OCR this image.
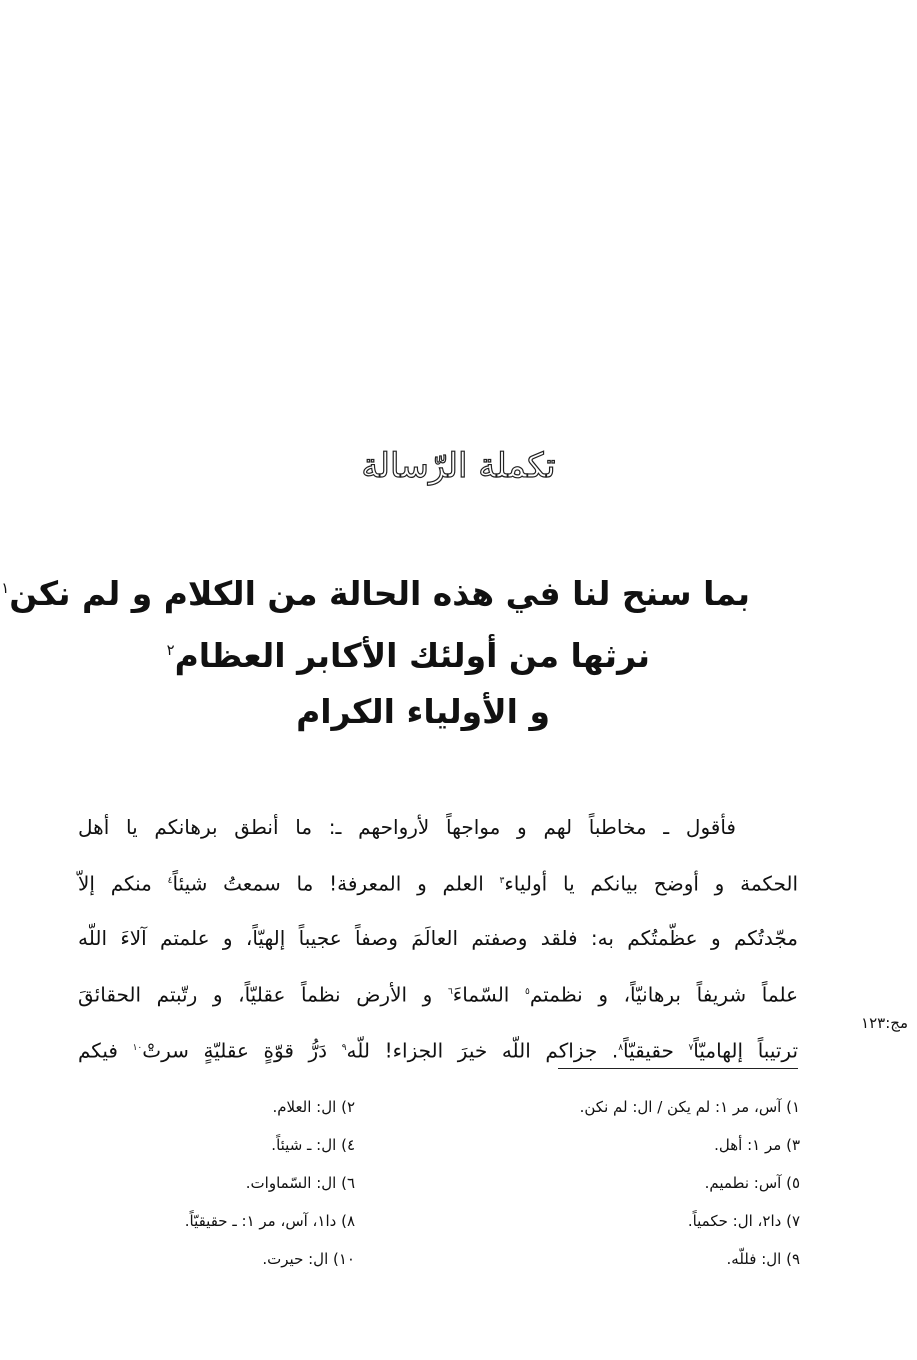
تكملة الرّسالة
بما سنح لنا في هذه الحالة من الكلام و لم نكن$^١$
نرثها من أولئك الأكابر العظام$^٢$
و الأولياء الكرام
فأقول ـ مخاطباً لهم و مواجهاً لأرواحهم ـ: ما أنطق برهانكم يا أهل
الحكمة و أوضح بيانكم يا أولياء$^٣$ العلم و المعرفة! ما سمعتُ شيئاً$^٤$ منكم إلاّ
مجّدتُكم و عظّمتُكم به: فلقد وصفتم العالَمَ وصفاً عجيباً إلهيّاً، و علمتم آلاءَ اللّه
علماً شريفاً برهانيّاً، و نظمتم$^٥$ السّماءَ$^٦$ و الأرض نظماً عقليّاً، و رتّبتم الحقائقَ
ترتيباً إلهاميّاً$^٧$ حقيقيّاً$^٨$. جزاكم اللّه خيرَ الجزاء! للّه$^٩$ دَرُّ قوّةٍ عقليّةٍ سرتْ$^{١٠}$ فيكم
مج:١٢٣
١) آس، مر ١: لم يكن / ال: لم نكن.
٢) ال: العلام.
٣) مر ١: أهل.
٤) ال: ـ شيئاً.
٥) آس: نطميم.
٦) ال: السّماوات.
٧) دا٢، ال: حكمياً.
٨) دا١، آس، مر ١: ـ حقيقيّاً.
٩) ال: فللّه.
١٠) ال: حيرت.
